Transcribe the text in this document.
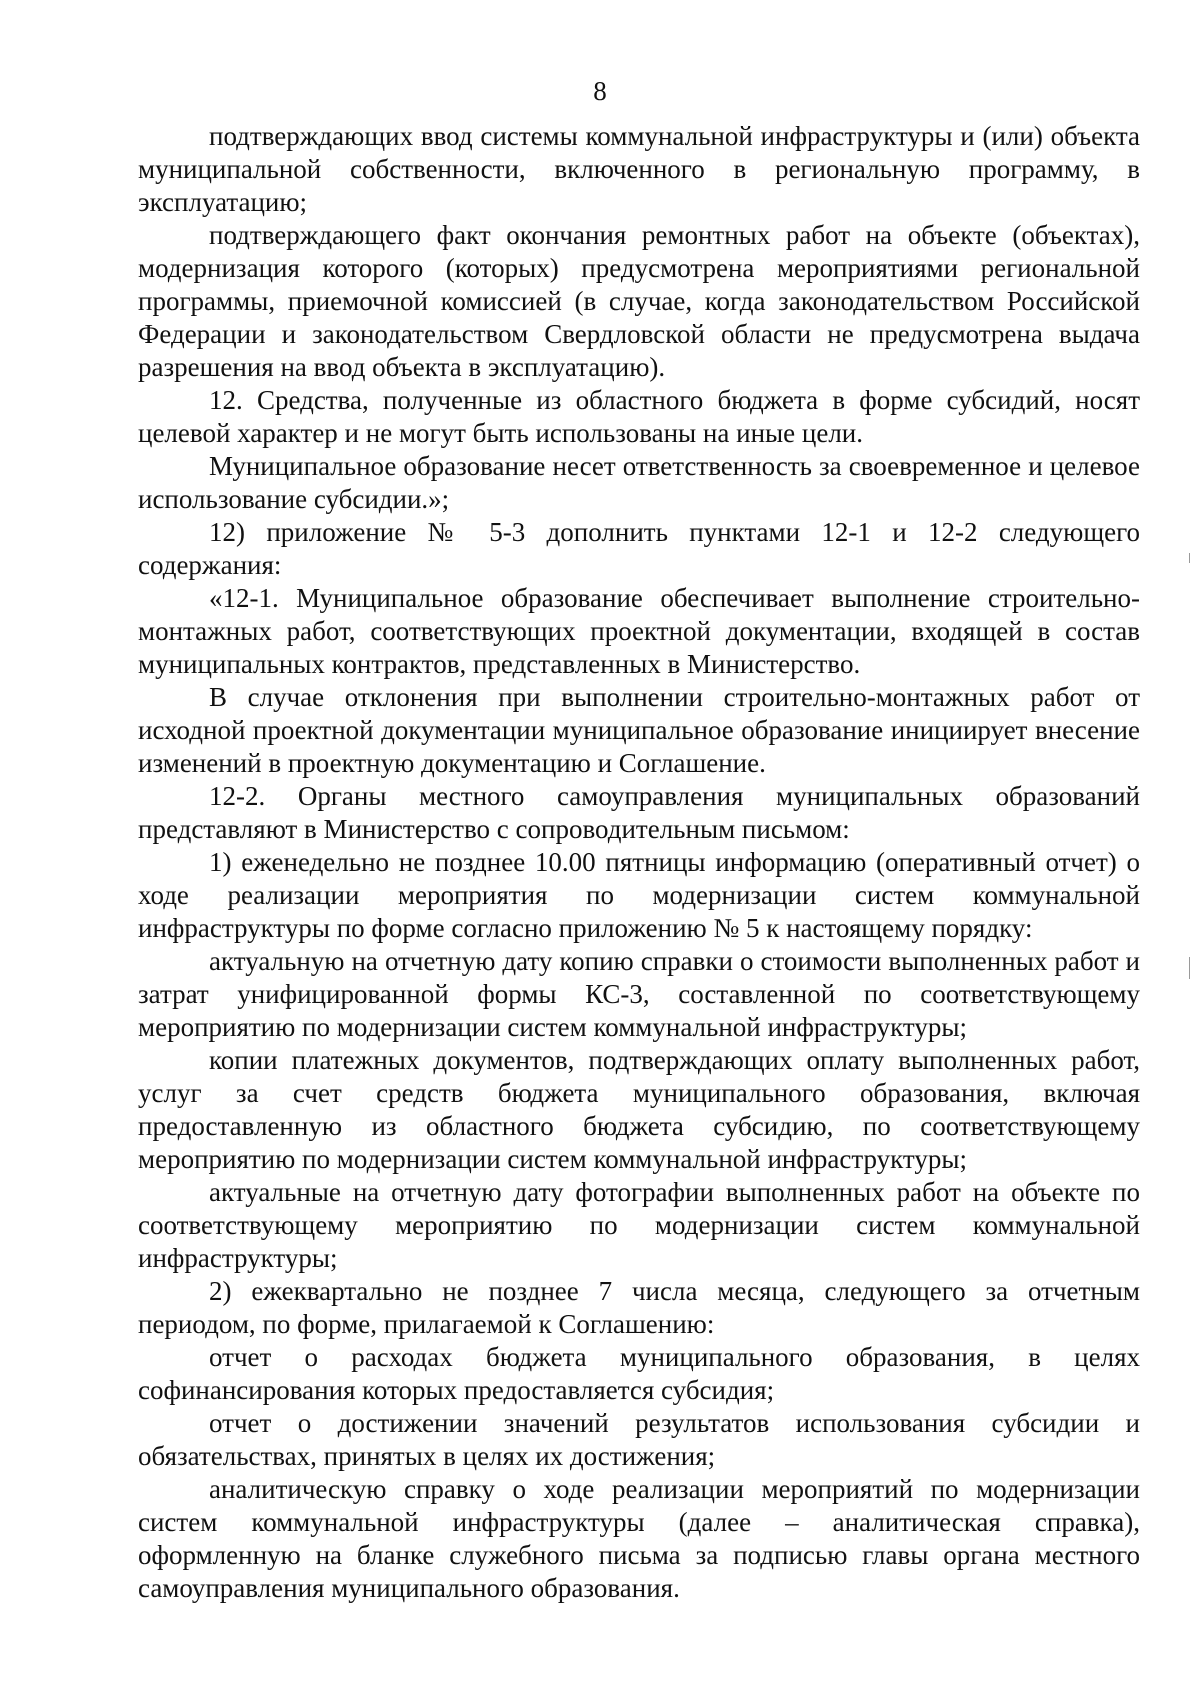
8

подтверждающих ввод системы коммунальной инфраструктуры и (или) объекта муниципальной собственности, включенного в региональную программу, в эксплуатацию;

подтверждающего факт окончания ремонтных работ на объекте (объектах), модернизация которого (которых) предусмотрена мероприятиями региональной программы, приемочной комиссией (в случае, когда законодательством Российской Федерации и законодательством Свердловской области не предусмотрена выдача разрешения на ввод объекта в эксплуатацию).

12. Средства, полученные из областного бюджета в форме субсидий, носят целевой характер и не могут быть использованы на иные цели.

Муниципальное образование несет ответственность за своевременное и целевое использование субсидии.»;

12) приложение № 5-3 дополнить пунктами 12-1 и 12-2 следующего содержания:

«12-1. Муниципальное образование обеспечивает выполнение строительно-монтажных работ, соответствующих проектной документации, входящей в состав муниципальных контрактов, представленных в Министерство.

В случае отклонения при выполнении строительно-монтажных работ от исходной проектной документации муниципальное образование инициирует внесение изменений в проектную документацию и Соглашение.

12-2. Органы местного самоуправления муниципальных образований представляют в Министерство с сопроводительным письмом:

1) еженедельно не позднее 10.00 пятницы информацию (оперативный отчет) о ходе реализации мероприятия по модернизации систем коммунальной инфраструктуры по форме согласно приложению № 5 к настоящему порядку:

актуальную на отчетную дату копию справки о стоимости выполненных работ и затрат унифицированной формы КС-3, составленной по соответствующему мероприятию по модернизации систем коммунальной инфраструктуры;

копии платежных документов, подтверждающих оплату выполненных работ, услуг за счет средств бюджета муниципального образования, включая предоставленную из областного бюджета субсидию, по соответствующему мероприятию по модернизации систем коммунальной инфраструктуры;

актуальные на отчетную дату фотографии выполненных работ на объекте по соответствующему мероприятию по модернизации систем коммунальной инфраструктуры;

2) ежеквартально не позднее 7 числа месяца, следующего за отчетным периодом, по форме, прилагаемой к Соглашению:

отчет о расходах бюджета муниципального образования, в целях софинансирования которых предоставляется субсидия;

отчет о достижении значений результатов использования субсидии и обязательствах, принятых в целях их достижения;

аналитическую справку о ходе реализации мероприятий по модернизации систем коммунальной инфраструктуры (далее – аналитическая справка), оформленную на бланке служебного письма за подписью главы органа местного самоуправления муниципального образования.
